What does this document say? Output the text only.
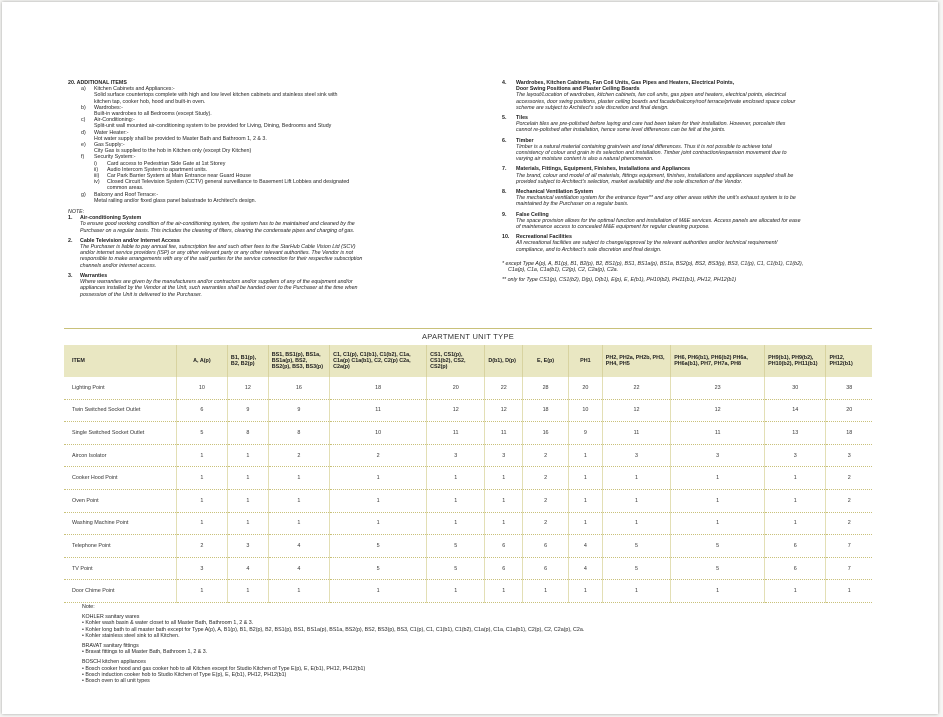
20. ADDITIONAL ITEMS
a)	Kitchen Cabinets and Appliances:-
Solid surface countertops complete with high and low level kitchen cabinets and stainless steel sink with
kitchen tap, cooker hob, hood and built-in oven.
b)	Wardrobes:-
Built-in wardrobes to all Bedrooms (except Study).
c)	Air-Conditioning:-
Split-unit wall mounted air-conditioning system to be provided for Living, Dining, Bedrooms and Study
d)	Water Heater:-
Hot water supply shall be provided to Master Bath and Bathroom 1, 2 & 3.
e)	Gas Supply:-
City Gas is supplied to the hob in Kitchen only (except Dry Kitchen)
f)	Security System:-
i)	Card access to Pedestrian Side Gate at 1st Storey
ii)	Audio Intercom System to apartment units.
iii)	Car Park Barrier System at Main Entrance near Guard House
iv)	Closed Circuit Television System (CCTV) general surveillance to Basement Lift Lobbies and designated
common areas.
g)	Balcony and Roof Terrace:-
Metal railing and/or fixed glass panel balustrade to Architect's design.
NOTE:
1.	Air-conditioning System
To ensure good working condition of the air-conditioning system, the system has to be maintained and cleaned by the
Purchaser on a regular basis. This includes the cleaning of filters, clearing the condensate pipes and charging of gas.
2.	Cable Television and/or Internet Access
The Purchaser is liable to pay annual fee, subscription fee and such other fees to the StarHub Cable Vision Ltd (SCV)
and/or internet service providers (ISP) or any other relevant party or any other relevant authorities. The Vendor is not
responsible to make arrangements with any of the said parties for the service connection for their respective subscription
channels and/or internet access.
3.	Warranties
Where warranties are given by the manufacturers and/or contractors and/or suppliers of any of the equipment and/or
appliances installed by the Vendor at the Unit, such warranties shall be handed over to the Purchaser at the time when
possession of the Unit is delivered to the Purchaser.
4.	Wardrobes, Kitchen Cabinets, Fan Coil Units, Gas Pipes and Heaters, Electrical Points,
Door Swing Positions and Plaster Ceiling Boards
The layout/Location of wardrobes, kitchen cabinets, fan coil units, gas pipes and heaters, electrical points, electrical
accessories, door swing positions, plaster ceiling boards and facade/balcony/roof terrace/private enclosed space colour
scheme are subject to Architect's sole discretion and final design.
5.	Tiles
Porcelain tiles are pre-polished before laying and care had been taken for their installation. However, porcelain tiles
cannot re-polished after installation, hence some level differences can be felt at the joints.
6.	Timber
Timber is a natural material containing grain/vein and tonal differences. Thus it is not possible to achieve total
consistency of colour and grain in its selection and installation. Timber joint contraction/expansion movement due to
varying air moisture content is also a natural phenomenon.
7.	Materials, Fittings, Equipment, Finishes, Installations and Appliances
The brand, colour and model of all materials, fittings equipment, finishes, installations and appliances supplied shall be
provided subject to Architect's selection, market availability and the sole discretion of the Vendor.
8.	Mechanical Ventilation System
The mechanical ventilation system for the entrance foyer** and any other areas within the unit's exhaust system is to be
maintained by the Purchaser on a regular basis.
9.	False Ceiling
The space provision allows for the optimal function and installation of M&E services. Access panels are allocated for ease
of maintenance access to concealed M&E equipment for regular cleaning purpose.
10.	Recreational Facilities
All recreational facilities are subject to change/approval by the relevant authorities and/or technical requirement/
compliance, and to Architect's sole discretion and final design.
* except Type A(p), A, B1(p), B1, B2(p), B2, BS1(p), BS1, BS1a(p), BS1a, BS2(p), BS2, BS3(p), BS3, C1(p), C1, C1(b1), C1(b2),
C1a(p), C1a, C1a(b1), C2(p), C2, C2a(p), C2a.
** only for Type CS1(p), CS1(b2), D(p), D(b1), E(p), E, E(b1), PH10(b2), PH11(b1), PH12, PH12(b1)
APARTMENT UNIT TYPE
ITEM	A, A(p)	B1, B1(p), B2, B2(p)	BS1, BS1(p), BS1a, BS1a(p), BS2, BS2(p), BS3, BS3(p)	C1, C1(p), C1(b1), C1(b2), C1a, C1a(p) C1a(b1), C2, C2(p) C2a, C2a(p)	CS1, CS1(p), CS1(b2), CS2, CS2(p)	D(b1), D(p)	E, E(p)	PH1	PH2, PH2a, PH2b, PH3, PH4, PH5	PH6, PH6(b1), PH6(b2) PH6a, PH6a(b1), PH7, PH7a, PH8	PH9(b1), PH9(b2), PH10(b2), PH11(b1)	PH12, PH12(b1)
Lighting Point	10	12	16	18	20	22	28	20	22	23	30	38
Twin Switched Socket Outlet	6	9	9	11	12	12	18	10	12	12	14	20
Single Switched Socket Outlet	5	8	8	10	11	11	16	9	11	11	13	18
Aircon Isolator	1	1	2	2	3	3	2	1	3	3	3	3
Cooker Hood Point	1	1	1	1	1	1	2	1	1	1	1	2
Oven Point	1	1	1	1	1	1	2	1	1	1	1	2
Washing Machine Point	1	1	1	1	1	1	2	1	1	1	1	2
Telephone Point	2	3	4	5	5	6	6	4	5	5	6	7
TV Point	3	4	4	5	5	6	6	4	5	5	6	7
Door Chime Point	1	1	1	1	1	1	1	1	1	1	1	1
Note:
KOHLER sanitary wares
• Kohler wash basin & water closet to all Master Bath, Bathroom 1, 2 & 3.
• Kohler long bath to all master bath except for Type A(p), A, B1(p), B1, B2(p), B2, BS1(p), BS1, BS1a(p), BS1a, BS2(p), BS2, BS3(p), BS3, C1(p), C1, C1(b1), C1(b2), C1a(p), C1a, C1a(b1), C2(p), C2, C2a(p), C2a.
• Kohler stainless steel sink to all Kitchen.
BRAVAT sanitary fittings
• Bravat fittings to all Master Bath, Bathroom 1, 2 & 3.
BOSCH kitchen appliances
• Bosch cooker hood and gas cooker hob to all Kitchen except for Studio Kitchen of Type E(p), E, E(b1), PH12, PH12(b1)
• Bosch induction cooker hob to Studio Kitchen of Type E(p), E, E(b1), PH12, PH12(b1)
• Bosch oven to all unit types
